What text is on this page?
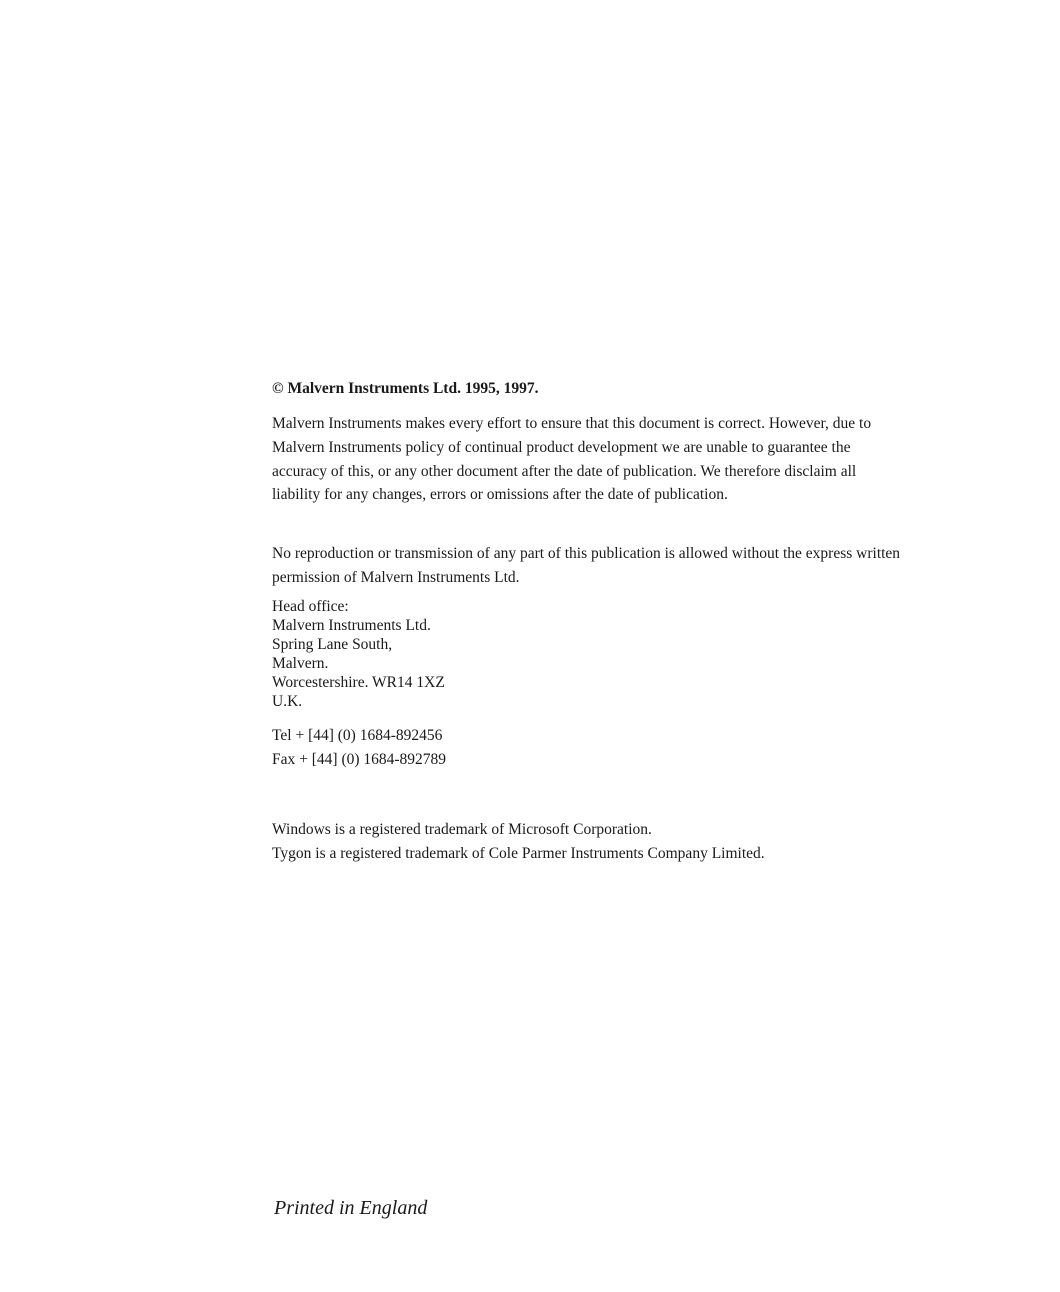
© Malvern Instruments Ltd. 1995, 1997.

Malvern Instruments makes every effort to ensure that this document is correct. However, due to Malvern Instruments policy of continual product development we are unable to guarantee the accuracy of this, or any other document after the date of publication. We therefore disclaim all liability for any changes, errors or omissions after the date of publication.

No reproduction or transmission of any part of this publication is allowed without the express written permission of Malvern Instruments Ltd.

Head office:
Malvern Instruments Ltd.
Spring Lane South,
Malvern.
Worcestershire. WR14 1XZ
U.K.
Tel + [44] (0) 1684-892456
Fax + [44] (0) 1684-892789
Windows is a registered trademark of Microsoft Corporation.
Tygon is a registered trademark of Cole Parmer Instruments Company Limited.
Printed in England
